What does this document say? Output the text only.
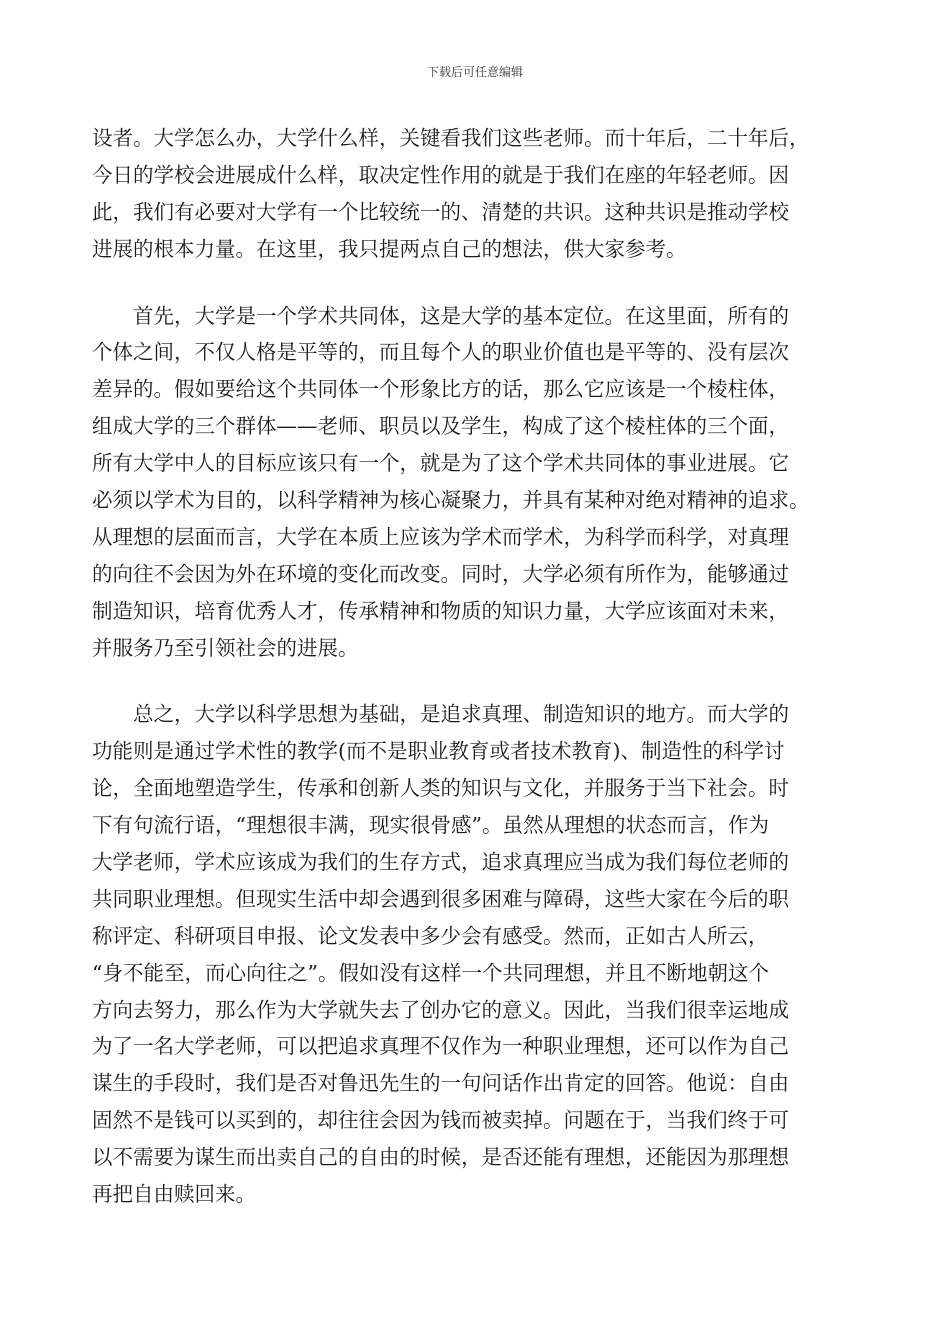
下载后可任意编辑
设者。大学怎么办，大学什么样，关键看我们这些老师。而十年后，二十年后，
今日的学校会进展成什么样，取决定性作用的就是于我们在座的年轻老师。因
此，我们有必要对大学有一个比较统一的、清楚的共识。这种共识是推动学校
进展的根本力量。在这里，我只提两点自己的想法，供大家参考。
首先，大学是一个学术共同体，这是大学的基本定位。在这里面，所有的
个体之间，不仅人格是平等的，而且每个人的职业价值也是平等的、没有层次
差异的。假如要给这个共同体一个形象比方的话，那么它应该是一个棱柱体，
组成大学的三个群体——老师、职员以及学生，构成了这个棱柱体的三个面，
所有大学中人的目标应该只有一个，就是为了这个学术共同体的事业进展。它
必须以学术为目的，以科学精神为核心凝聚力，并具有某种对绝对精神的追求。
从理想的层面而言，大学在本质上应该为学术而学术，为科学而科学，对真理
的向往不会因为外在环境的变化而改变。同时，大学必须有所作为，能够通过
制造知识，培育优秀人才，传承精神和物质的知识力量，大学应该面对未来，
并服务乃至引领社会的进展。
总之，大学以科学思想为基础，是追求真理、制造知识的地方。而大学的
功能则是通过学术性的教学(而不是职业教育或者技术教育)、制造性的科学讨
论，全面地塑造学生，传承和创新人类的知识与文化，并服务于当下社会。时
下有句流行语，“理想很丰满，现实很骨感”。虽然从理想的状态而言，作为
大学老师，学术应该成为我们的生存方式，追求真理应当成为我们每位老师的
共同职业理想。但现实生活中却会遇到很多困难与障碍，这些大家在今后的职
称评定、科研项目申报、论文发表中多少会有感受。然而，正如古人所云，
“身不能至，而心向往之”。假如没有这样一个共同理想，并且不断地朝这个
方向去努力，那么作为大学就失去了创办它的意义。因此，当我们很幸运地成
为了一名大学老师，可以把追求真理不仅作为一种职业理想，还可以作为自己
谋生的手段时，我们是否对鲁迅先生的一句问话作出肯定的回答。他说：自由
固然不是钱可以买到的，却往往会因为钱而被卖掉。问题在于，当我们终于可
以不需要为谋生而出卖自己的自由的时候，是否还能有理想，还能因为那理想
再把自由赎回来。
